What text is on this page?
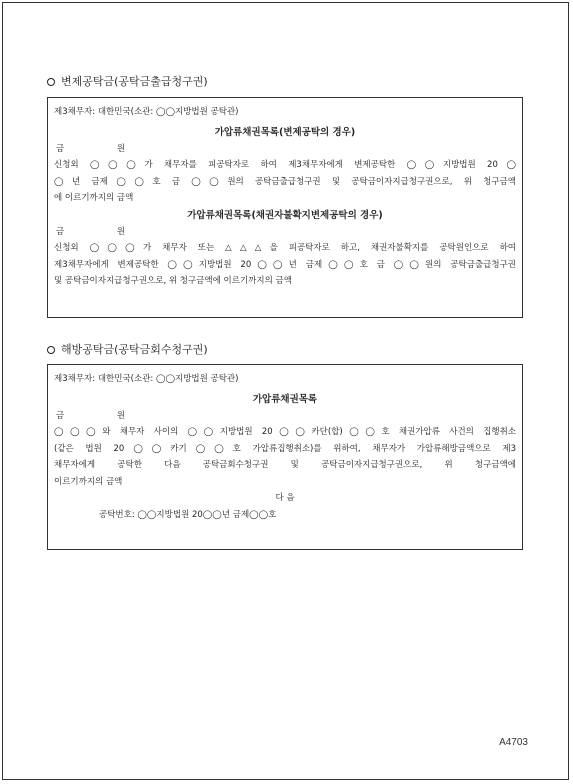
변제공탁금(공탁금출급청구권)
제3채무자: 대한민국(소관: ◯◯지방법원 공탁관)
가압류채권목록(변제공탁의 경우)
금 원
신청외 ◯◯◯가 채무자를 피공탁자로 하여 제3채무자에게 변제공탁한 ◯◯지방법원 20◯
◯년 금제◯◯호 금 ◯◯원의 공탁금출급청구권 및 공탁금이자지급청구권으로, 위 청구금액
에 이르기까지의 금액
가압류채권목록(채권자불확지변제공탁의 경우)
금 원
신청외 ◯◯◯가 채무자 또는 △△△을 피공탁자로 하고, 채권자불확지를 공탁원인으로 하여
제3채무자에게 변제공탁한 ◯◯지방법원 20◯◯년 금제◯◯호 금 ◯◯원의 공탁금출급청구권
및 공탁금이자지급청구권으로, 위 청구금액에 이르기까지의 금액
해방공탁금(공탁금회수청구권)
제3채무자: 대한민국(소관: ◯◯지방법원 공탁관)
가압류채권목록
금 원
◯◯◯와 채무자 사이의 ◯◯지방법원 20◯◯카단(합)◯◯호 채권가압류 사건의 집행취소
(같은 법원 20◯◯카기◯◯호 가압류집행취소)를 위하여, 채무자가 가압류해방금액으로 제3
채무자에게 공탁한 다음 공탁금회수청구권 및 공탁금이자지급청구권으로, 위 청구금액에
이르기까지의 금액
다 음
공탁번호: ◯◯지방법원 20◯◯년 금제◯◯호
A4703
